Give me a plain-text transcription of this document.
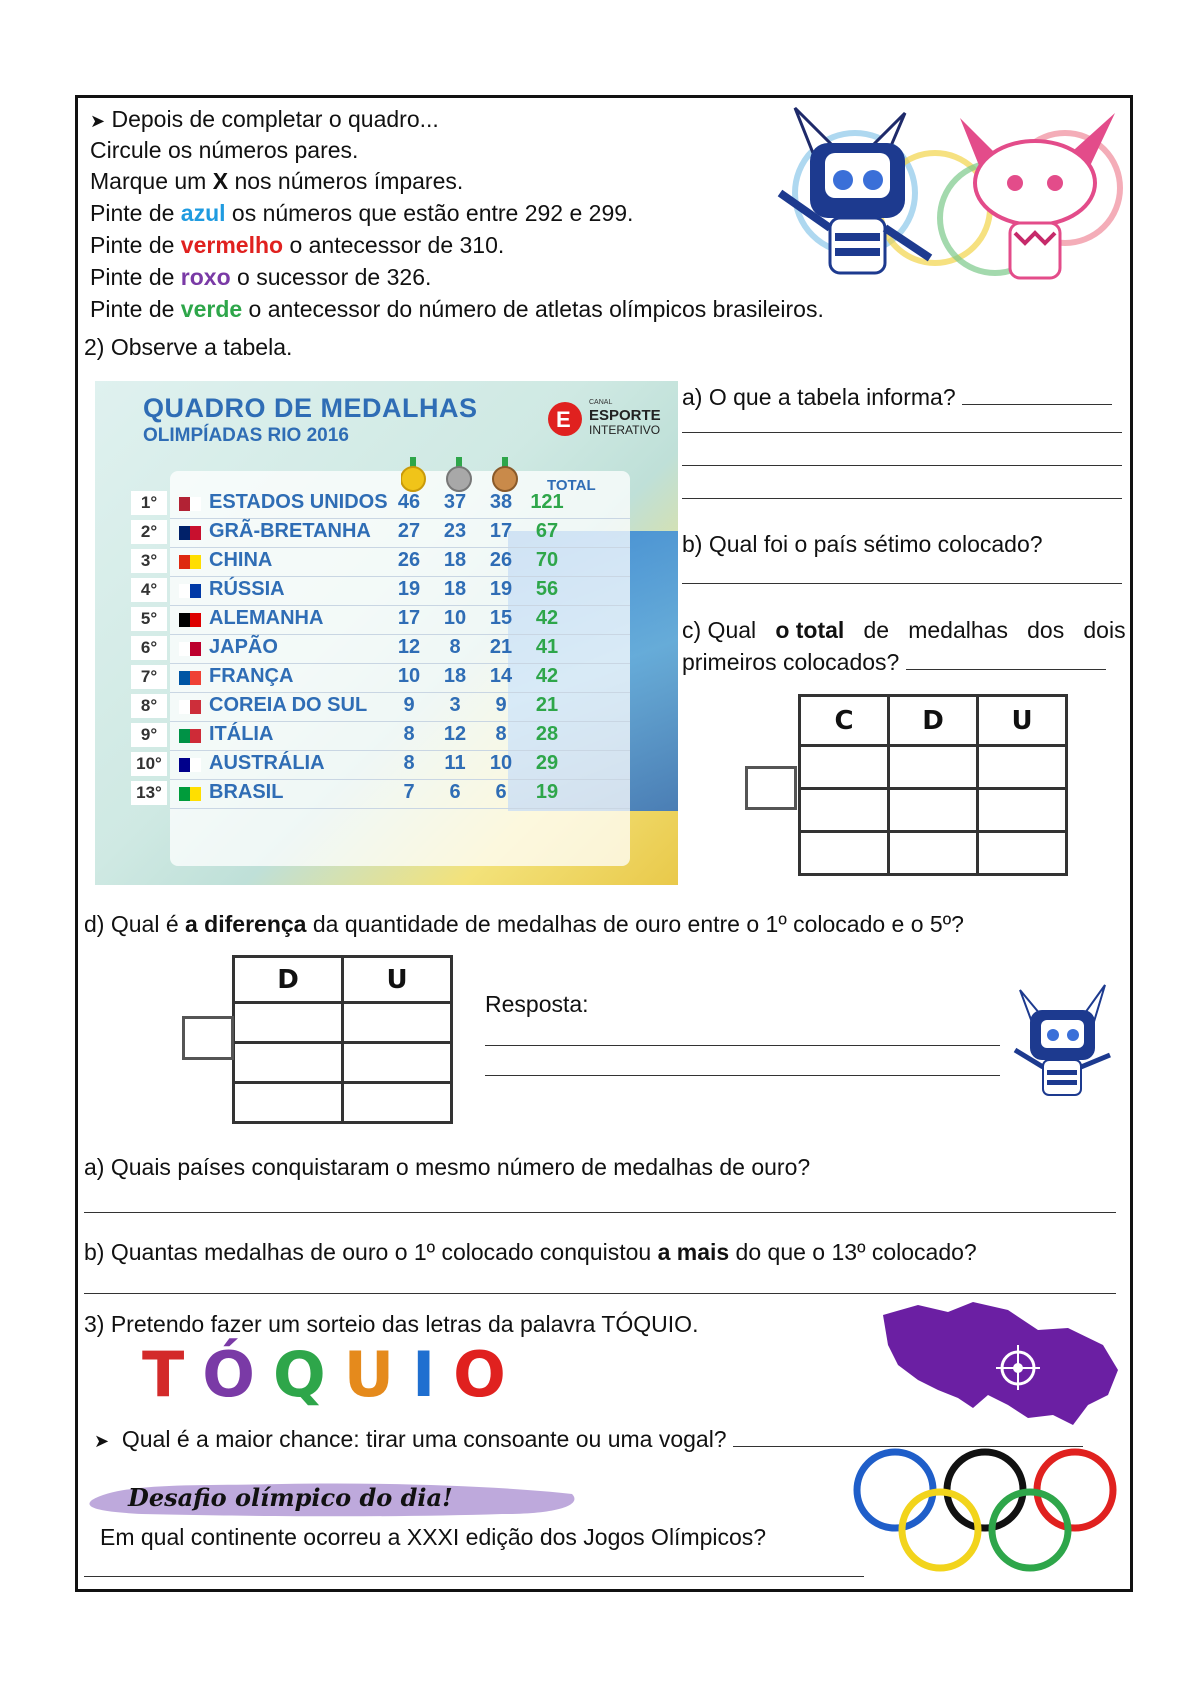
➤ Depois de completar o quadro...
Circule os números pares.
Marque um X nos números ímpares.
Pinte de azul os números que estão entre 292 e 299.
Pinte de vermelho o antecessor de 310.
Pinte de roxo o sucessor de 326.
Pinte de verde o antecessor do número de atletas olímpicos brasileiros.
2) Observe a tabela.
QUADRO DE MEDALHAS
OLIMPÍADAS RIO 2016
E
CANAL
ESPORTE
INTERATIVO
TOTAL
1°	ESTADOS UNIDOS 46	37	38 121
2°	GRÃ-BRETANHA	27	23	17	67
3°	CHINA	26	18	26	70
4°	RÚSSIA	19	18	19	56
5°	ALEMANHA	17	10	15	42
6°	JAPÃO	12	8	21	41
7°	FRANÇA	10	18	14	42
8°	COREIA DO SUL	9	3	9	21
9°	ITÁLIA	8	12	8	28
10° AUSTRÁLIA	8	11	10	29
13° BRASIL	7	6	6	19
a) O que a tabela informa?
b) Qual foi o país sétimo colocado?
c) Qual o total   de   medalhas   dos   dois
primeiros colocados?
C	D	U

d) Qual é a diferença da quantidade de medalhas de ouro entre o 1º colocado e o 5º?
D	U

Resposta:
a) Quais países conquistaram o mesmo número de medalhas de ouro?
b) Quantas medalhas de ouro o 1º colocado conquistou a mais do que o 13º colocado?
3) Pretendo fazer um sorteio das letras da palavra TÓQUIO.
T Ó Q U I O
➤ Qual é a maior chance: tirar uma consoante ou uma vogal?
Desafio olímpico do dia!
Em qual continente ocorreu a XXXI edição dos Jogos Olímpicos?
